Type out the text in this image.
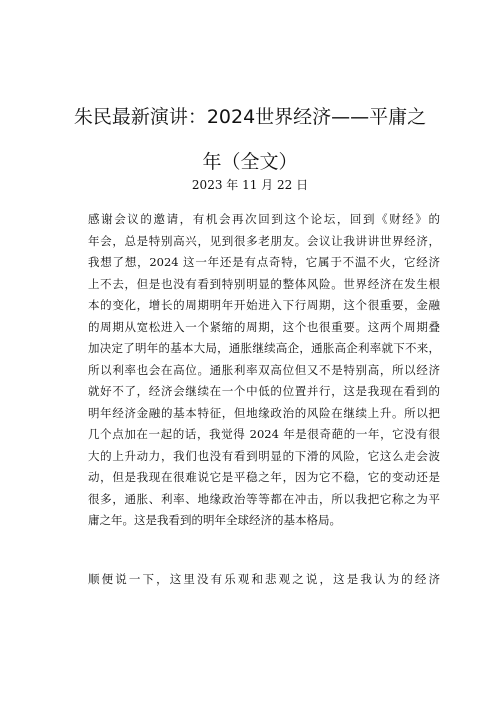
朱民最新演讲：2024世界经济——平庸之
年（全文）
2023 年 11 月 22 日
感谢会议的邀请，有机会再次回到这个论坛，回到《财经》的
年会，总是特别高兴，见到很多老朋友。会议让我讲讲世界经济，
我想了想，2024 这一年还是有点奇特，它属于不温不火，它经济
上不去，但是也没有看到特别明显的整体风险。世界经济在发生根
本的变化，增长的周期明年开始进入下行周期，这个很重要，金融
的周期从宽松进入一个紧缩的周期，这个也很重要。这两个周期叠
加决定了明年的基本大局，通胀继续高企，通胀高企利率就下不来，
所以利率也会在高位。通胀利率双高位但又不是特别高，所以经济
就好不了，经济会继续在一个中低的位置并行，这是我现在看到的
明年经济金融的基本特征，但地缘政治的风险在继续上升。所以把
几个点加在一起的话，我觉得 2024 年是很奇葩的一年，它没有很
大的上升动力，我们也没有看到明显的下滑的风险，它这么走会波
动，但是我现在很难说它是平稳之年，因为它不稳，它的变动还是
很多，通胀、利率、地缘政治等等都在冲击，所以我把它称之为平
庸之年。这是我看到的明年全球经济的基本格局。
顺便说一下，这里没有乐观和悲观之说，这是我认为的经济
